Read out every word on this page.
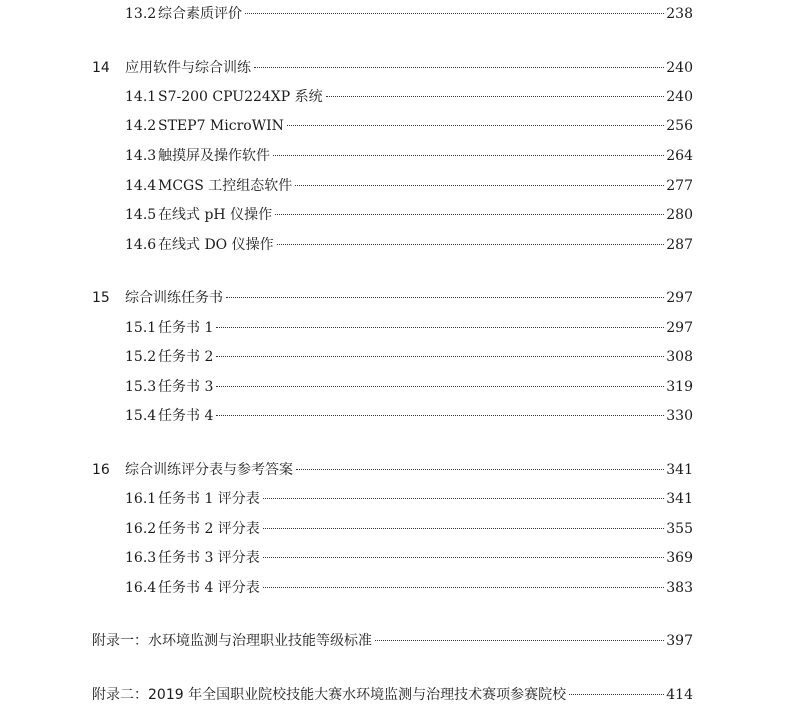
13.2 综合素质评价	238
14	应用软件与综合训练	240
14.1 S7-200 CPU224XP 系统	240
14.2 STEP7 MicroWIN	256
14.3 触摸屏及操作软件	264
14.4 MCGS 工控组态软件	277
14.5 在线式 pH 仪操作	280
14.6 在线式 DO 仪操作	287
15	综合训练任务书	297
15.1 任务书 1	297
15.2 任务书 2	308
15.3 任务书 3	319
15.4 任务书 4	330
16	综合训练评分表与参考答案	341
16.1 任务书 1 评分表	341
16.2 任务书 2 评分表	355
16.3 任务书 3 评分表	369
16.4 任务书 4 评分表	383
附录一：水环境监测与治理职业技能等级标准	397
附录二：2019 年全国职业院校技能大赛水环境监测与治理技术赛项参赛院校	414
